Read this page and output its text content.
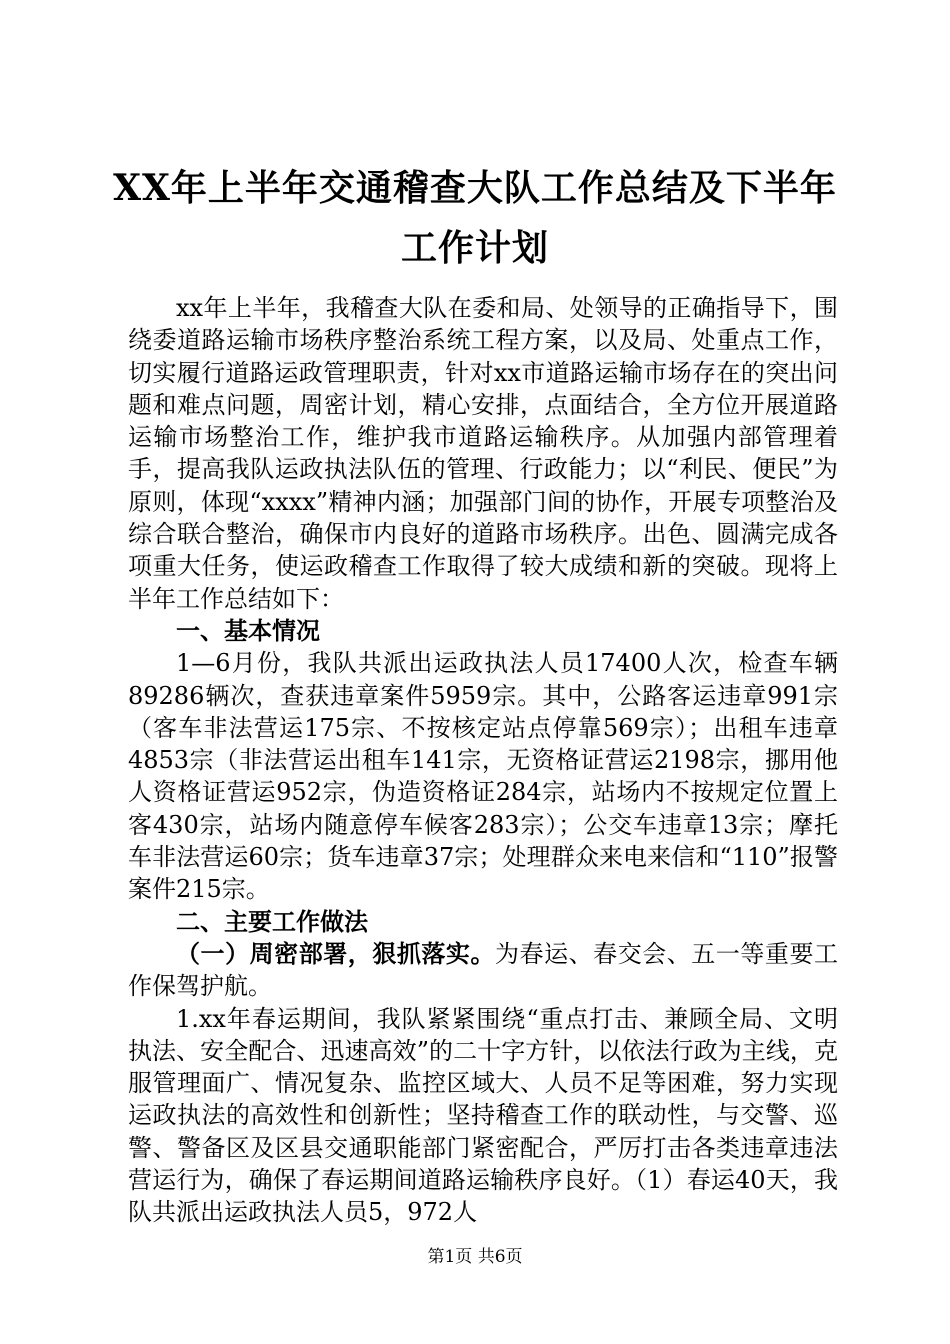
XX年上半年交通稽查大队工作总结及下半年
工作计划

xx年上半年，我稽查大队在委和局、处领导的正确指导下，围绕委道路运输市场秩序整治系统工程方案，以及局、处重点工作，切实履行道路运政管理职责，针对xx市道路运输市场存在的突出问题和难点问题，周密计划，精心安排，点面结合，全方位开展道路运输市场整治工作，维护我市道路运输秩序。从加强内部管理着手，提高我队运政执法队伍的管理、行政能力；以“利民、便民”为原则，体现“xxxx”精神内涵；加强部门间的协作，开展专项整治及综合联合整治，确保市内良好的道路市场秩序。出色、圆满完成各项重大任务，使运政稽查工作取得了较大成绩和新的突破。现将上半年工作总结如下：

一、基本情况

1—6月份，我队共派出运政执法人员17400人次，检查车辆89286辆次，查获违章案件5959宗。其中，公路客运违章991宗（客车非法营运175宗、不按核定站点停靠569宗）；出租车违章4853宗（非法营运出租车141宗，无资格证营运2198宗，挪用他人资格证营运952宗，伪造资格证284宗，站场内不按规定位置上客430宗，站场内随意停车候客283宗）；公交车违章13宗；摩托车非法营运60宗；货车违章37宗；处理群众来电来信和“110”报警案件215宗。

二、主要工作做法

（一）周密部署，狠抓落实。为春运、春交会、五一等重要工作保驾护航。

1.xx年春运期间，我队紧紧围绕“重点打击、兼顾全局、文明执法、安全配合、迅速高效”的二十字方针，以依法行政为主线，克服管理面广、情况复杂、监控区域大、人员不足等困难，努力实现运政执法的高效性和创新性；坚持稽查工作的联动性，与交警、巡警、警备区及区县交通职能部门紧密配合，严厉打击各类违章违法营运行为，确保了春运期间道路运输秩序良好。（1）春运40天，我队共派出运政执法人员5，972人

第1页 共6页
